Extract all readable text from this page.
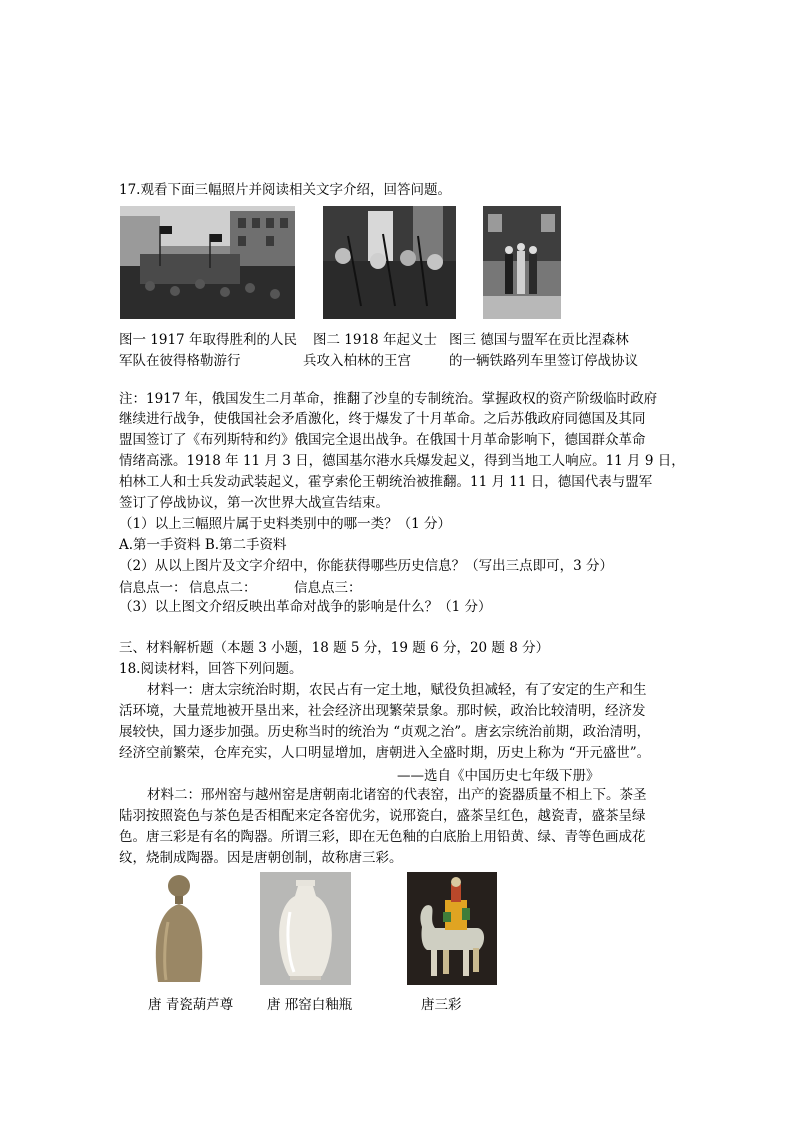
17.观看下面三幅照片并阅读相关文字介绍，回答问题。
图一 1917 年取得胜利的人民
军队在彼得格勒游行
图二 1918 年起义士
兵攻入柏林的王宫
图三 德国与盟军在贡比涅森林
的一辆铁路列车里签订停战协议
注：1917 年，俄国发生二月革命，推翻了沙皇的专制统治。掌握政权的资产阶级临时政府
继续进行战争，使俄国社会矛盾激化，终于爆发了十月革命。之后苏俄政府同德国及其同
盟国签订了《布列斯特和约》俄国完全退出战争。在俄国十月革命影响下，德国群众革命
情绪高涨。1918 年 11 月 3 日，德国基尔港水兵爆发起义，得到当地工人响应。11 月 9 日，
柏林工人和士兵发动武装起义，霍亨索伦王朝统治被推翻。11 月 11 日，德国代表与盟军
签订了停战协议，第一次世界大战宣告结束。
（1）以上三幅照片属于史料类别中的哪一类？（1 分）
A.第一手资料 B.第二手资料
（2）从以上图片及文字介绍中，你能获得哪些历史信息？（写出三点即可，3 分）
信息点一： 信息点二：	信息点三：
（3）以上图文介绍反映出革命对战争的影响是什么？（1 分）
三、材料解析题（本题 3 小题，18 题 5 分，19 题 6 分，20 题 8 分）
18.阅读材料，回答下列问题。
材料一：唐太宗统治时期，农民占有一定土地，赋役负担减轻，有了安定的生产和生
活环境，大量荒地被开垦出来，社会经济出现繁荣景象。那时候，政治比较清明，经济发
展较快，国力逐步加强。历史称当时的统治为 “贞观之治”。唐玄宗统治前期，政治清明，
经济空前繁荣，仓库充实，人口明显增加，唐朝进入全盛时期，历史上称为 “开元盛世”。
——选自《中国历史七年级下册》
材料二：邢州窑与越州窑是唐朝南北诸窑的代表窑，出产的瓷器质量不相上下。茶圣
陆羽按照瓷色与茶色是否相配来定各窑优劣，说邢瓷白，盛茶呈红色，越瓷青，盛茶呈绿
色。唐三彩是有名的陶器。所谓三彩，即在无色釉的白底胎上用铅黄、绿、青等色画成花
纹，烧制成陶器。因是唐朝创制，故称唐三彩。
唐 青瓷葫芦尊 唐 邢窑白釉瓶	唐三彩
